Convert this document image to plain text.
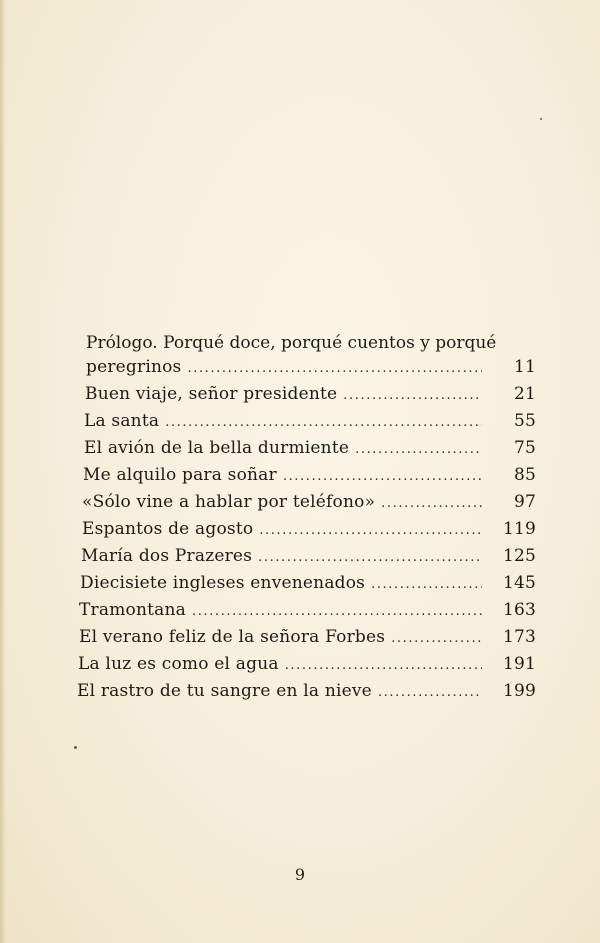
Prólogo. Porqué doce, porqué cuentos y porqué

peregrinos .....	11
Buen viaje, señor presidente .....	21
La santa .....	55
El avión de la bella durmiente .....	75
Me alquilo para soñar .....	85
«Sólo vine a hablar por teléfono» .....	97
Espantos de agosto .....	119
María dos Prazeres .....	125
Diecisiete ingleses envenenados .....	145
Tramontana .....	163
El verano feliz de la señora Forbes .....	173
La luz es como el agua .....	191
El rastro de tu sangre en la nieve .....	199
9
